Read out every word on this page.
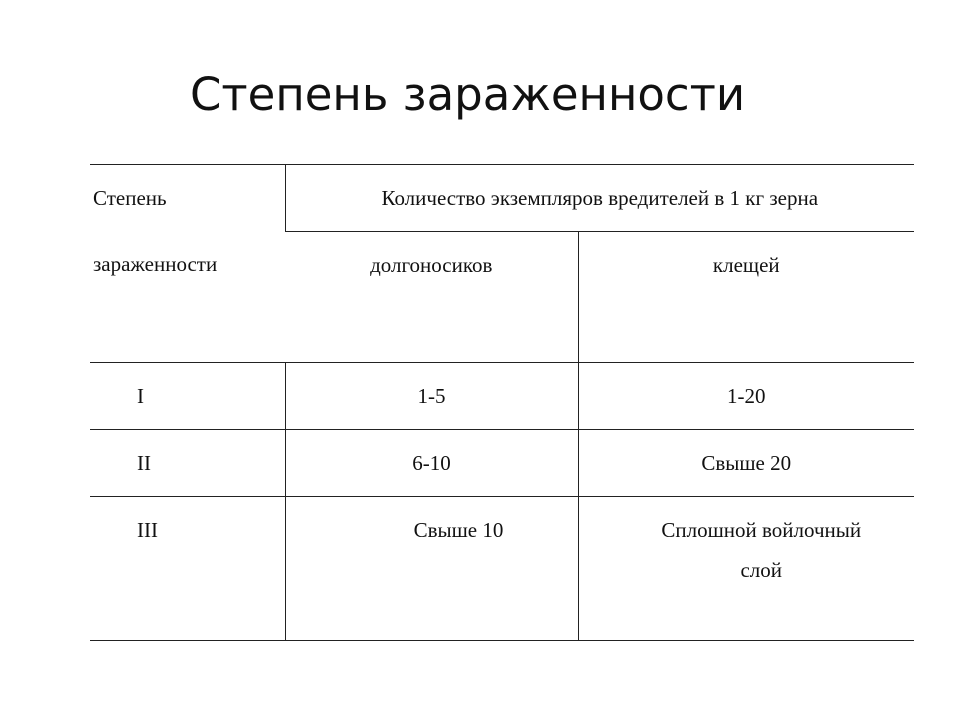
Степень зараженности
Степень
зараженности	Количество экземпляров вредителей в 1 кг зерна	

	долгоносиков	клещей

I	1-5	1-20
II	6-10	Свыше 20
III	Свыше 10	Сплошной войлочный
слой
